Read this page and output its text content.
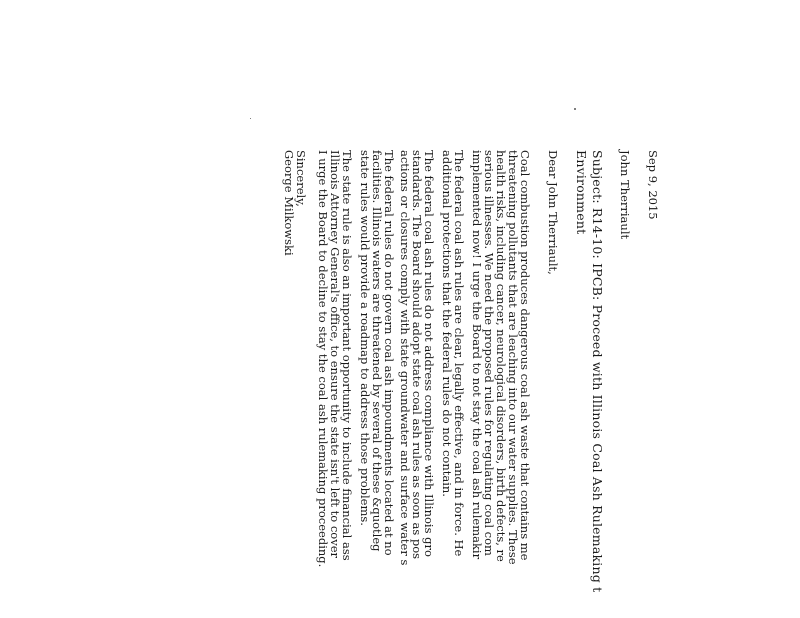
Sep 9, 2015
John Therriault
Subject: R14-10: IPCB: Proceed with Illinois Coal Ash Rulemaking t
Environment
Dear John Therriault,
Coal combustion produces dangerous coal ash waste that contains me
threatening pollutants that are leaching into our water supplies. These
health risks, including cancer, neurological disorders, birth defects, re
serious illnesses. We need the proposed rules for regulating coal com
implemented now! I urge the Board to not stay the coal ash rulemakir
The federal coal ash rules are clear, legally effective, and in force. He
additional protections that the federal rules do not contain.
The federal coal ash rules do not address compliance with Illinois gro
standards. The Board should adopt state coal ash rules as soon as pos
actions or closures comply with state groundwater and surface water s
The federal rules do not govern coal ash impoundments located at no
facilities. Illinois waters are threatened by several of these &quotleg
state rules would provide a roadmap to address those problems.
The state rule is also an important opportunity to include financial ass
Illinois Attorney General's office, to ensure the state isn't left to cover
I urge the Board to decline to stay the coal ash rulemaking proceeding.
Sincerely,
George Milkowski
